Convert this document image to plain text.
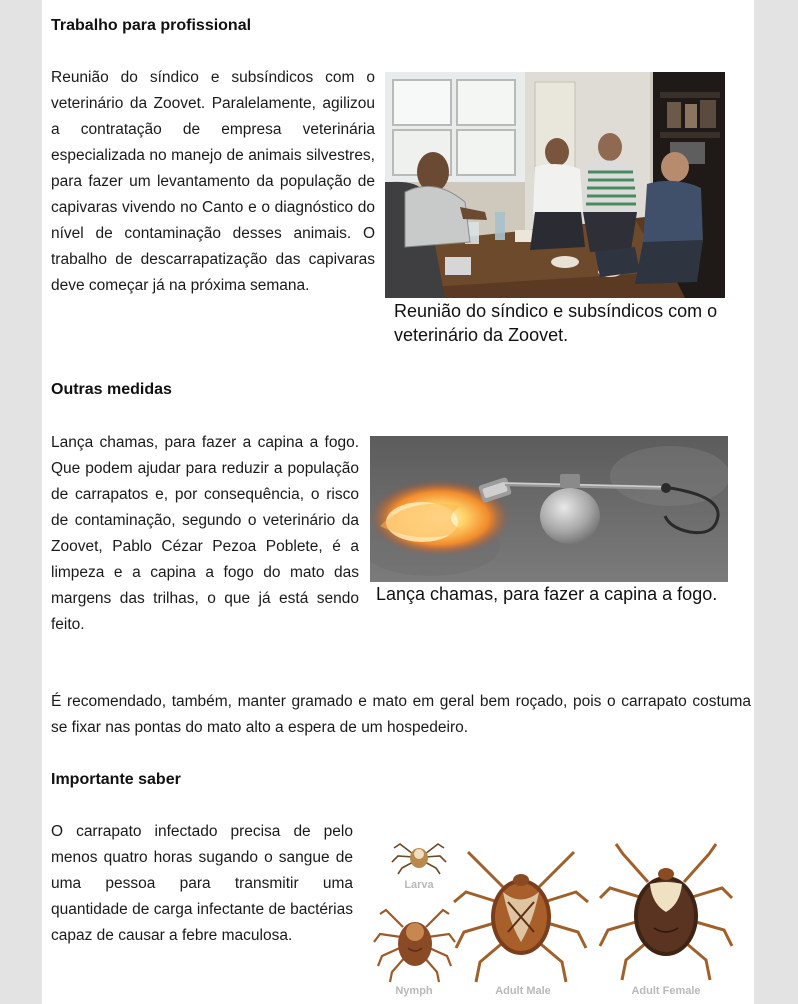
Trabalho para profissional
Reunião do síndico e subsíndicos com o veterinário da Zoovet. Paralelamente, agilizou a contratação de empresa veterinária especializada no manejo de animais silvestres, para fazer um levantamento da população de capivaras vivendo no Canto e o diagnóstico do nível de contaminação desses animais. O trabalho de descarrapatização das capivaras deve começar já na próxima semana.
Reunião do síndico e subsíndicos com o veterinário da Zoovet.
Outras medidas
Lança chamas, para fazer a capina a fogo. Que podem ajudar para reduzir a população de carrapatos e, por consequência, o risco de contaminação, segundo o veterinário da Zoovet, Pablo Cézar Pezoa Poblete, é a limpeza e a capina a fogo do mato das margens das trilhas, o que já está sendo feito.
Lança chamas, para fazer a capina a fogo.
É recomendado, também, manter gramado e mato em geral bem roçado, pois o carrapato costuma se fixar nas pontas do mato alto a espera de um hospedeiro.
Importante saber
O carrapato infectado precisa de pelo menos quatro horas sugando o sangue de uma pessoa para transmitir uma quantidade de carga infectante de bactérias capaz de causar a febre maculosa.
Larva
Nymph	Adult Male	Adult Female
